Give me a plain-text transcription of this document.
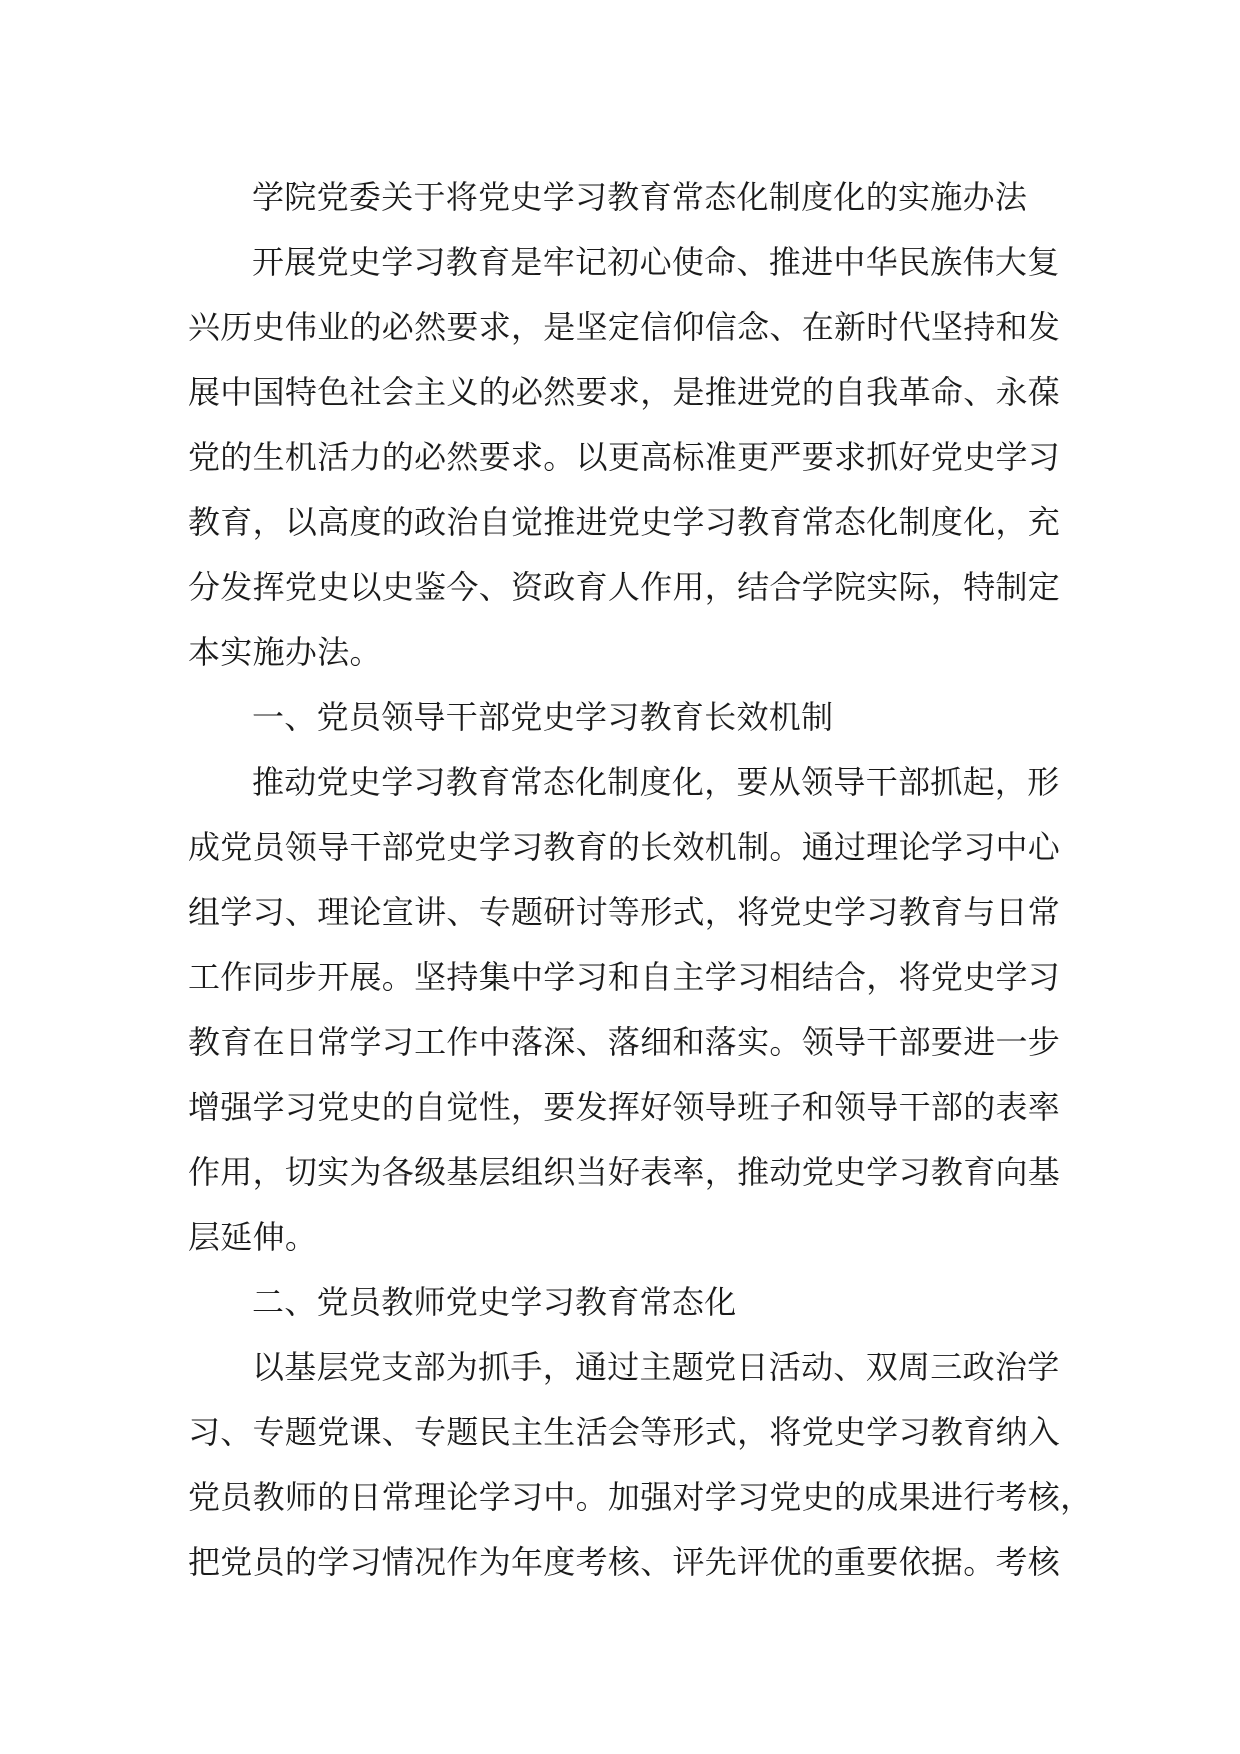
学院党委关于将党史学习教育常态化制度化的实施办法
开展党史学习教育是牢记初心使命、推进中华民族伟大复
兴历史伟业的必然要求，是坚定信仰信念、在新时代坚持和发
展中国特色社会主义的必然要求，是推进党的自我革命、永葆
党的生机活力的必然要求。以更高标准更严要求抓好党史学习
教育，以高度的政治自觉推进党史学习教育常态化制度化，充
分发挥党史以史鉴今、资政育人作用，结合学院实际，特制定
本实施办法。
一、党员领导干部党史学习教育长效机制
推动党史学习教育常态化制度化，要从领导干部抓起，形
成党员领导干部党史学习教育的长效机制。通过理论学习中心
组学习、理论宣讲、专题研讨等形式，将党史学习教育与日常
工作同步开展。坚持集中学习和自主学习相结合，将党史学习
教育在日常学习工作中落深、落细和落实。领导干部要进一步
增强学习党史的自觉性，要发挥好领导班子和领导干部的表率
作用，切实为各级基层组织当好表率，推动党史学习教育向基
层延伸。
二、党员教师党史学习教育常态化
以基层党支部为抓手，通过主题党日活动、双周三政治学
习、专题党课、专题民主生活会等形式，将党史学习教育纳入
党员教师的日常理论学习中。加强对学习党史的成果进行考核，
把党员的学习情况作为年度考核、评先评优的重要依据。考核
